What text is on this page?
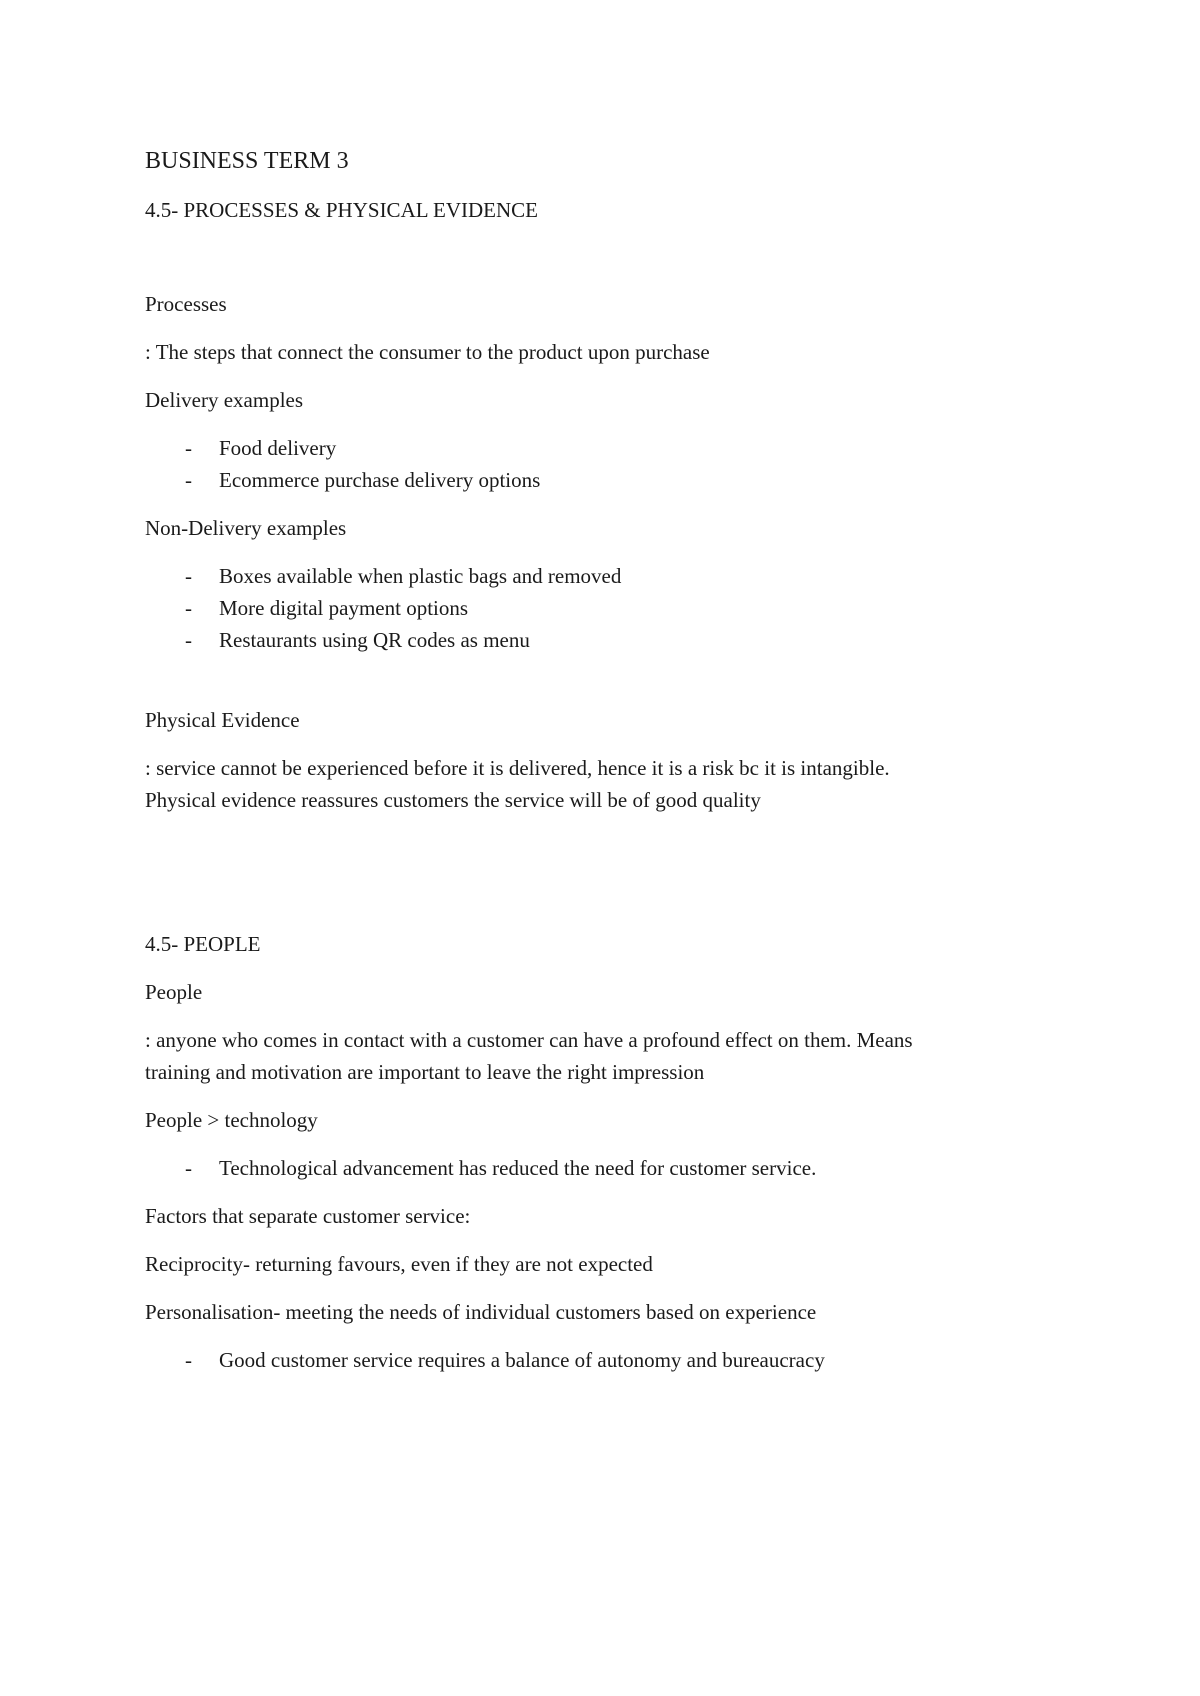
BUSINESS TERM 3
4.5- PROCESSES & PHYSICAL EVIDENCE

Processes

: The steps that connect the consumer to the product upon purchase

Delivery examples

- Food delivery
- Ecommerce purchase delivery options

Non-Delivery examples

- Boxes available when plastic bags and removed
- More digital payment options
- Restaurants using QR codes as menu

Physical Evidence

: service cannot be experienced before it is delivered, hence it is a risk bc it is intangible.
Physical evidence reassures customers the service will be of good quality

4.5- PEOPLE

People

: anyone who comes in contact with a customer can have a profound effect on them. Means
training and motivation are important to leave the right impression

People > technology

- Technological advancement has reduced the need for customer service.

Factors that separate customer service:

Reciprocity- returning favours, even if they are not expected

Personalisation- meeting the needs of individual customers based on experience

- Good customer service requires a balance of autonomy and bureaucracy
